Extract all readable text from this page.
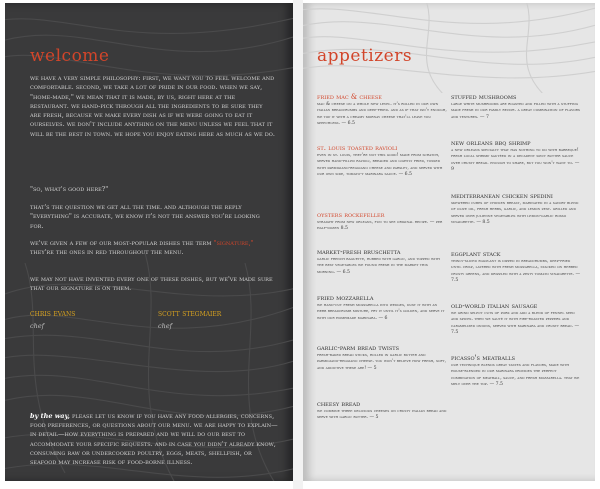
welcome

we have a very simple philosophy: first, we want you to feel welcome and comfortable. second, we take a lot of pride in our food. when we say, "home-made," we mean that it is made, by us, right here at the restaurant. we hand-pick through all the ingredients to be sure they are fresh, because we make every dish as if we were going to eat it ourselves. we don't include anything on the menu unless we feel that it will be the best in town. we hope you enjoy eating here as much as we do.

"so, what's good here?"

that's the question we get all the time. and although the reply "everything" is accurate, we know it's not the answer you're looking for.

we've given a few of our most-popular dishes the term "signature," they're the ones in red throughout the menu.

we may not have invented every one of these dishes, but we've made sure that our signature is on them.

chris evans
chef
scott stegmaier
chef

by the way, please let us know if you have any food allergies, concerns, food preferences, or questions about our menu. we are happy to explain—in detail—how everything is prepared and we will do our best to accommodate your specific requests. and in case you didn't already know, consuming raw or undercooked poultry, eggs, meats, shellfish, or seafood may increase risk of food-borne illness.

appetizers

fried mac & cheese

mac & cheese on a whole new level. it's rolled in our own italian breadcrumbs and deep-fried. and as if that isn't enough, we top it with a creamy mornay cheese that'll leave you speechless. — 6.5

st. louis toasted ravioli

even in st. louis, they're not this good! made from scratch, served hand-filled ravioli, breaded and lightly fried, tossed with parmigiano-reggiano cheese and parsley, and served with our own side, tomato-y marinara sauce. — 6.5

oysters rockefeller

straight from new orleans, fun to see original recipe. — per half-dozen 8.5

market-fresh bruschetta

garlic french baguette, rubbed with garlic, and topped with the best vegetables we found fresh in the market this morning. — 6.5

fried mozzarella

we hand-cut fresh mozzarella into wedges, dust it with an herb breadcrumb mixture, fry it until it's golden, and serve it with our homemade marinara. — 6

garlic-parm bread twists

fresh-baked bread sticks, rolled in garlic butter and parmigiano-reggiano cheese. you won't believe how fresh, soft, and addictive these are! — 5

cheesy bread

we combine three delicious cheeses on crusty italian bread and serve with garlic butter. — 5

stuffed mushrooms

large white mushrooms are roasted and filled with a stuffing made fresh in our family recipe. a great combination of flavors and textures. — 7

new orleans bbq shrimp

a new orleans specialty that has nothing to do with barbeque! fresh local shrimp sautéed in a decadent spicy butter sauce over crusty bread. enough to share, but you won't want to. — 9

mediterranean chicken spedini

skewered cubes of chicken breast, marinated in a savory blend of olive oil, fresh herbs, garlic, and lemon zest. grilled and served over julienne vegetables with lemon-garlic rosso vinaigrette. — 8.5

eggplant stack

thinly-sliced eggplant is dipped in breadcrumbs, deep-fried until crisp, layered with fresh mozzarella, stacked on herbed crusty greens, and drizzled with a zesty tomato vinaigrette. — 7.5

old-world italian sausage

we grind select cuts of pork and add a blend of fennel seed and spices. then we sauté it with fire-roasted peppers and caramelized onions, served with marinara and crusty bread. — 7.5

picasso's meatballs

our technique blends great tastes and flavors, made with house-blended in our marinara provides the perfect combination of meatball, sauce, and fresh mozzarella. that we melt over the top. — 7.5
